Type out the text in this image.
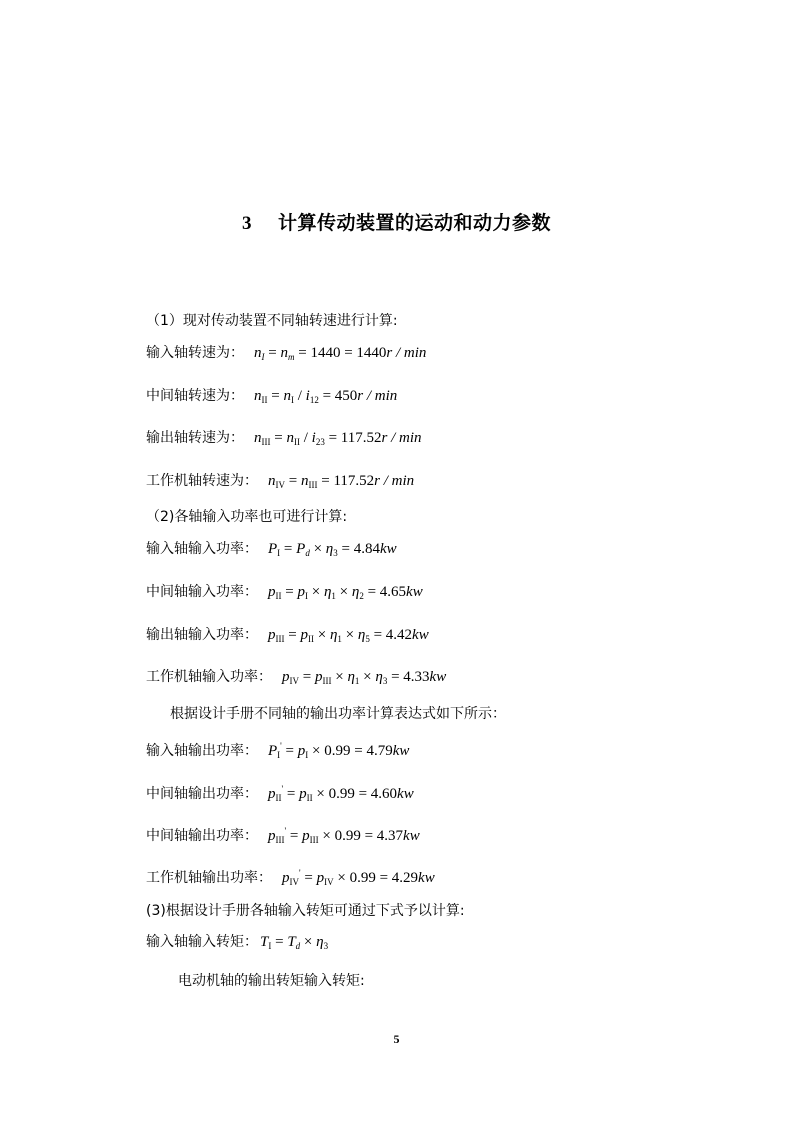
3 计算传动装置的运动和动力参数
（1）现对传动装置不同轴转速进行计算:
输入轴转速为： $n_I = n_m = 1440 = 1440r / \min$
中间轴转速为： $n_{II} = n_I / i_{12} = 450r / \min$
输出轴转速为： $n_{III} = n_{II} / i_{23} = 117.52r / \min$
工作机轴转速为： $n_{IV} = n_{III} = 117.52r / \min$
（2)各轴输入功率也可进行计算:
输入轴输入功率： $P_I = P_d \times \eta_3 = 4.84kw$
中间轴输入功率： $p_{II} = p_I \times \eta_1 \times \eta_2 = 4.65kw$
输出轴输入功率： $p_{III} = p_{II} \times \eta_1 \times \eta_5 = 4.42kw$
工作机轴输入功率： $p_{IV} = p_{III} \times \eta_1 \times \eta_3 = 4.33kw$
根据设计手册不同轴的输出功率计算表达式如下所示：
输入轴输出功率： $P_I' = p_I \times 0.99 = 4.79kw$
中间轴输出功率： $p_{II}' = p_{II} \times 0.99 = 4.60kw$
中间轴输出功率： $p_{III}' = p_{III} \times 0.99 = 4.37kw$
工作机轴输出功率： $p_{IV}' = p_{IV} \times 0.99 = 4.29kw$
(3)根据设计手册各轴输入转矩可通过下式予以计算:
输入轴输入转矩： $T_I = T_d \times \eta_3$
电动机轴的输出转矩输入转矩:
5
